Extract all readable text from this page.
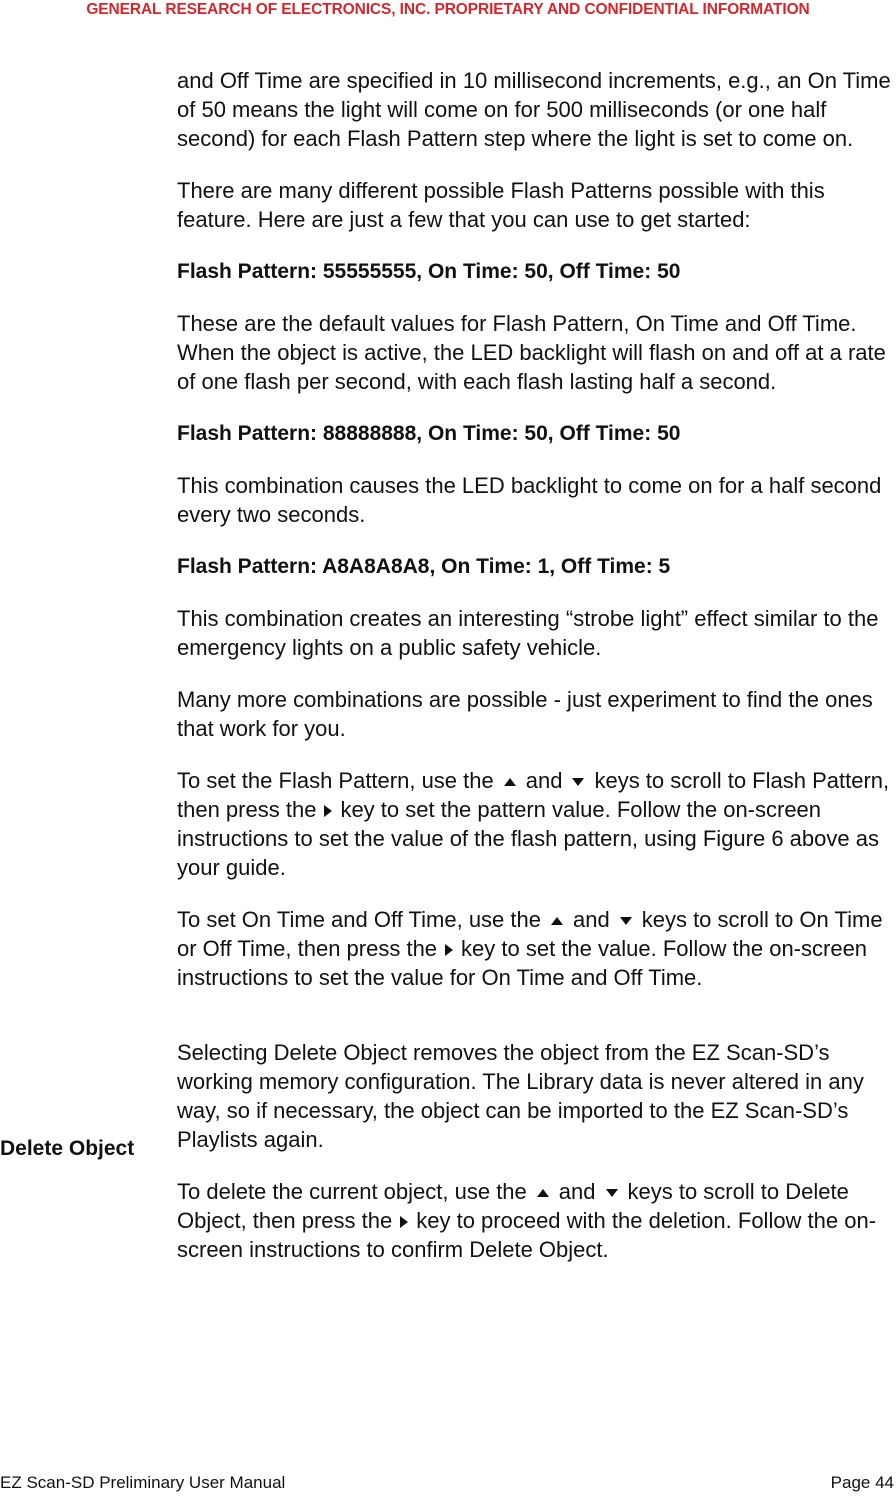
GENERAL RESEARCH OF ELECTRONICS, INC. PROPRIETARY AND CONFIDENTIAL INFORMATION
Delete Object

and Off Time are specified in 10 millisecond increments, e.g., an On Time of 50 means the light will come on for 500 milliseconds (or one half second) for each Flash Pattern step where the light is set to come on.

There are many different possible Flash Patterns possible with this feature. Here are just a few that you can use to get started:

Flash Pattern: 55555555, On Time: 50, Off Time: 50

These are the default values for Flash Pattern, On Time and Off Time. When the object is active, the LED backlight will flash on and off at a rate of one flash per second, with each flash lasting half a second.

Flash Pattern: 88888888, On Time: 50, Off Time: 50

This combination causes the LED backlight to come on for a half second every two seconds.

Flash Pattern: A8A8A8A8, On Time: 1, Off Time: 5

This combination creates an interesting “strobe light” effect similar to the emergency lights on a public safety vehicle.

Many more combinations are possible - just experiment to find the ones that work for you.

To set the Flash Pattern, use the and keys to scroll to Flash Pattern, then press the key to set the pattern value. Follow the on-screen instructions to set the value of the flash pattern, using Figure 6 above as your guide.

To set On Time and Off Time, use the and keys to scroll to On Time or Off Time, then press the key to set the value. Follow the on-screen instructions to set the value for On Time and Off Time.

Selecting Delete Object removes the object from the EZ Scan-SD’s working memory configuration. The Library data is never altered in any way, so if necessary, the object can be imported to the EZ Scan-SD’s Playlists again.

To delete the current object, use the and keys to scroll to Delete Object, then press the key to proceed with the deletion. Follow the on-screen instructions to confirm Delete Object.

EZ Scan-SD Preliminary User Manual	Page 44
